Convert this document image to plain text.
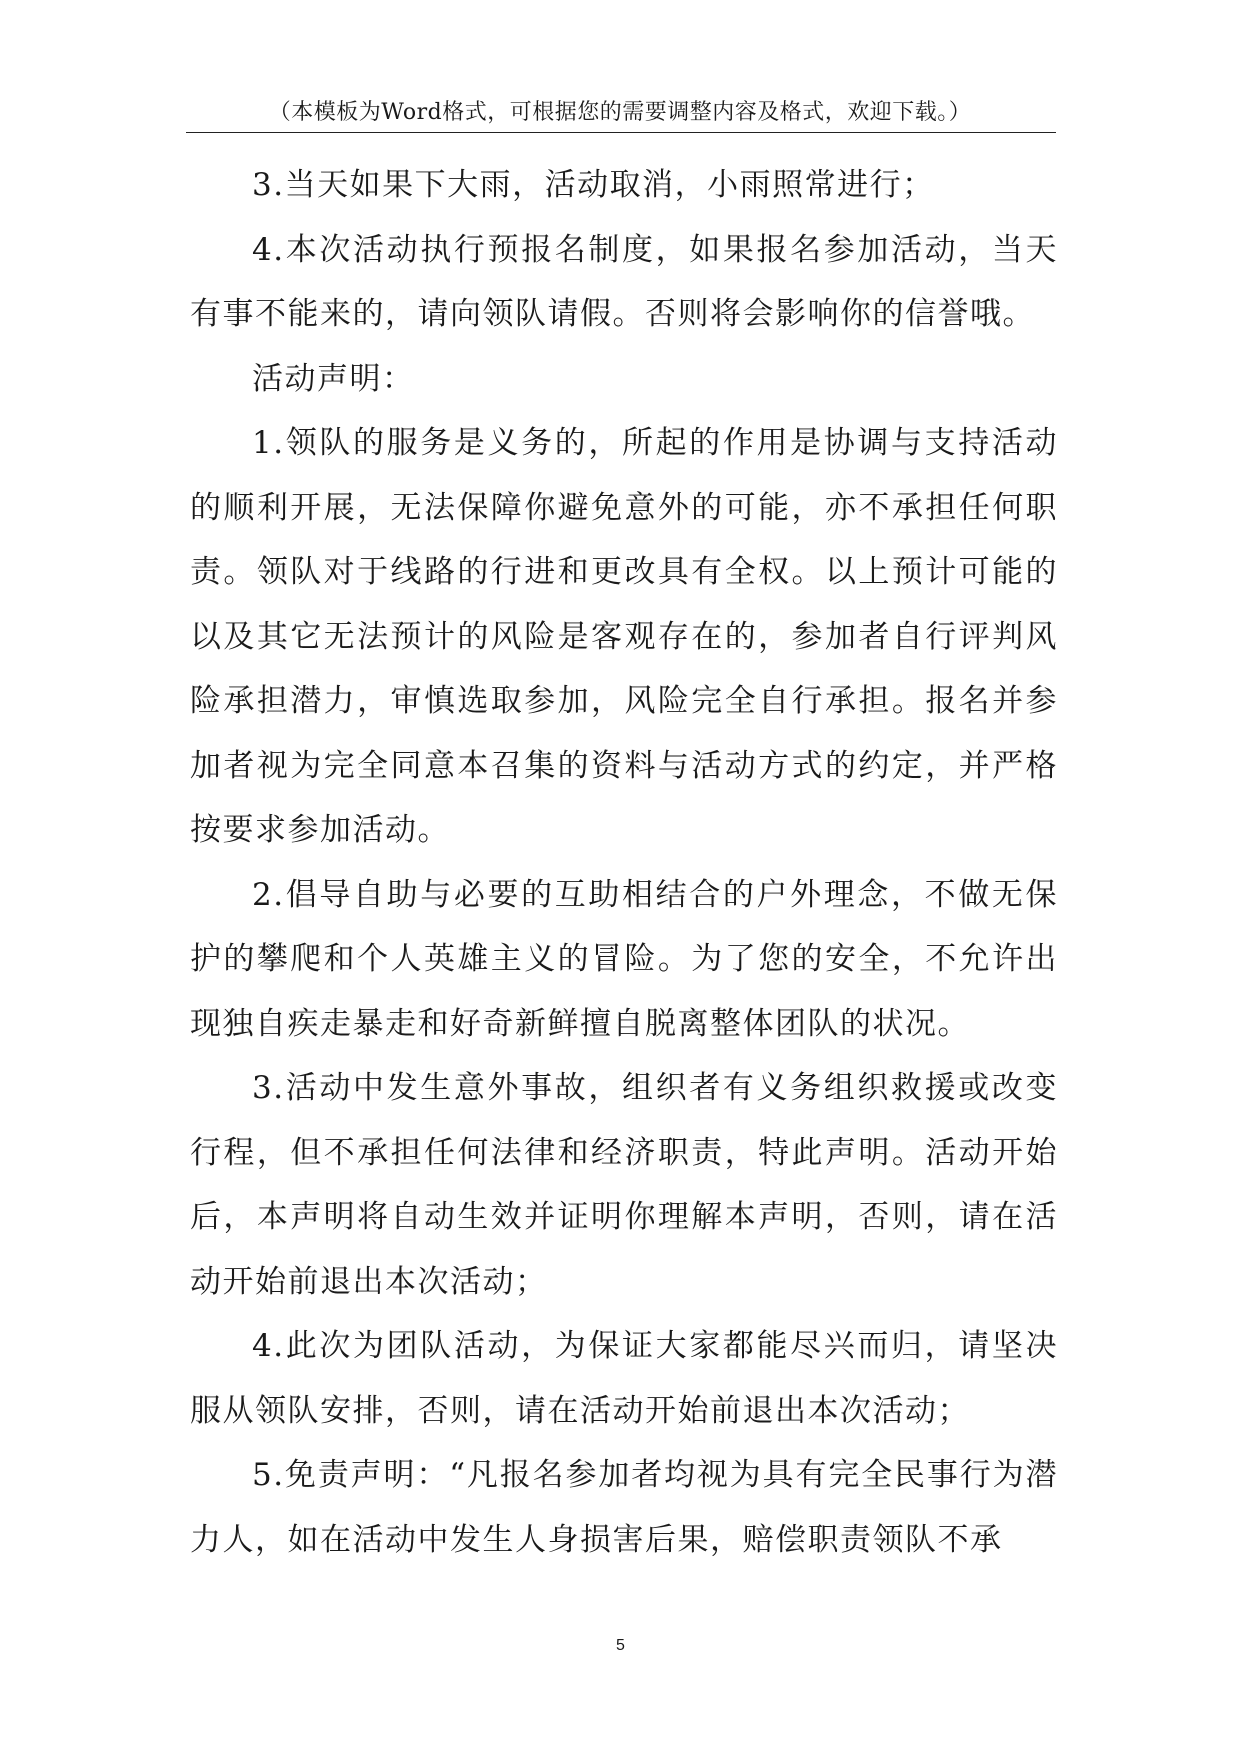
（本模板为Word格式，可根据您的需要调整内容及格式，欢迎下载。）

3.当天如果下大雨，活动取消，小雨照常进行；

4.本次活动执行预报名制度，如果报名参加活动，当天有事不能来的，请向领队请假。否则将会影响你的信誉哦。

活动声明：

1.领队的服务是义务的，所起的作用是协调与支持活动的顺利开展，无法保障你避免意外的可能，亦不承担任何职责。领队对于线路的行进和更改具有全权。以上预计可能的以及其它无法预计的风险是客观存在的，参加者自行评判风险承担潜力，审慎选取参加，风险完全自行承担。报名并参加者视为完全同意本召集的资料与活动方式的约定，并严格按要求参加活动。

2.倡导自助与必要的互助相结合的户外理念，不做无保护的攀爬和个人英雄主义的冒险。为了您的安全，不允许出现独自疾走暴走和好奇新鲜擅自脱离整体团队的状况。

3.活动中发生意外事故，组织者有义务组织救援或改变行程，但不承担任何法律和经济职责，特此声明。活动开始后，本声明将自动生效并证明你理解本声明，否则，请在活动开始前退出本次活动；

4.此次为团队活动，为保证大家都能尽兴而归，请坚决服从领队安排，否则，请在活动开始前退出本次活动；

5.免责声明：“凡报名参加者均视为具有完全民事行为潜力人，如在活动中发生人身损害后果，赔偿职责领队不承

5
